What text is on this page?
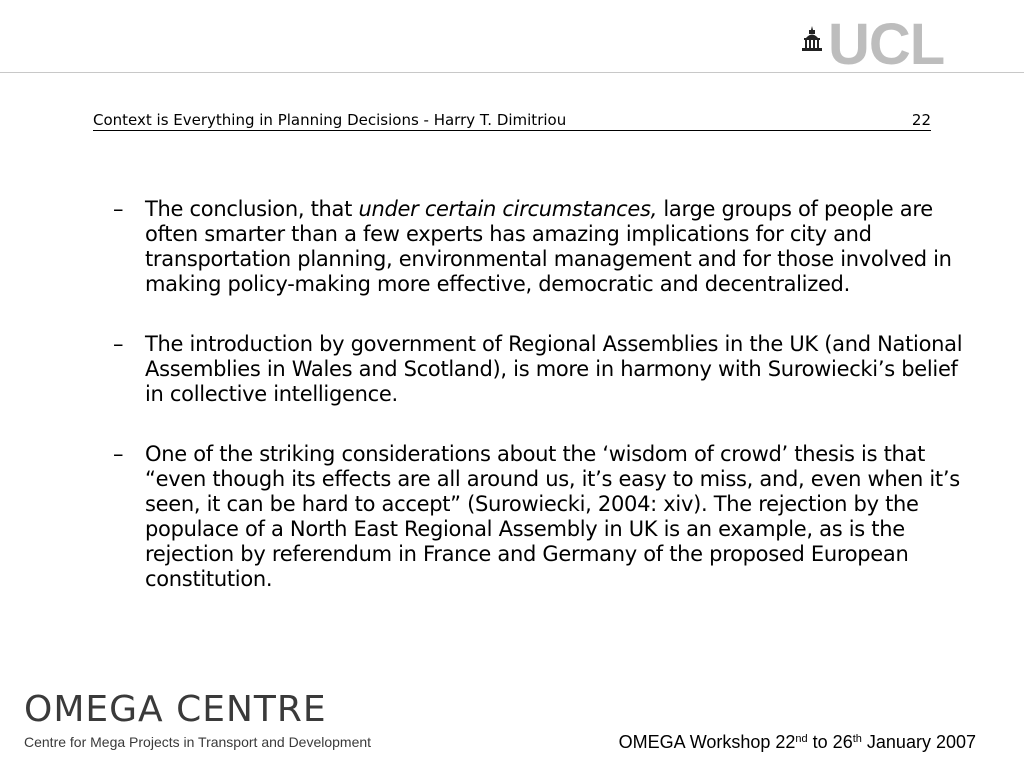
UCL
Context is Everything in Planning Decisions - Harry T. Dimitriou	22
–	The conclusion, that under certain circumstances, large groups of people are often smarter than a few experts has amazing implications for city and transportation planning, environmental management and for those involved in making policy-making more effective, democratic and decentralized.
–	The introduction by government of Regional Assemblies in the UK (and National Assemblies in Wales and Scotland), is more in harmony with Surowiecki’s belief in collective intelligence.
–	One of the striking considerations about the ‘wisdom of crowd’ thesis is that “even though its effects are all around us, it’s easy to miss, and, even when it’s seen, it can be hard to accept” (Surowiecki, 2004: xiv). The rejection by the populace of a North East Regional Assembly in UK is an example, as is the rejection by referendum in France and Germany of the proposed European constitution.
OMEGA CENTRE
Centre for Mega Projects in Transport and Development	OMEGA Workshop 22nd to 26th January 2007
